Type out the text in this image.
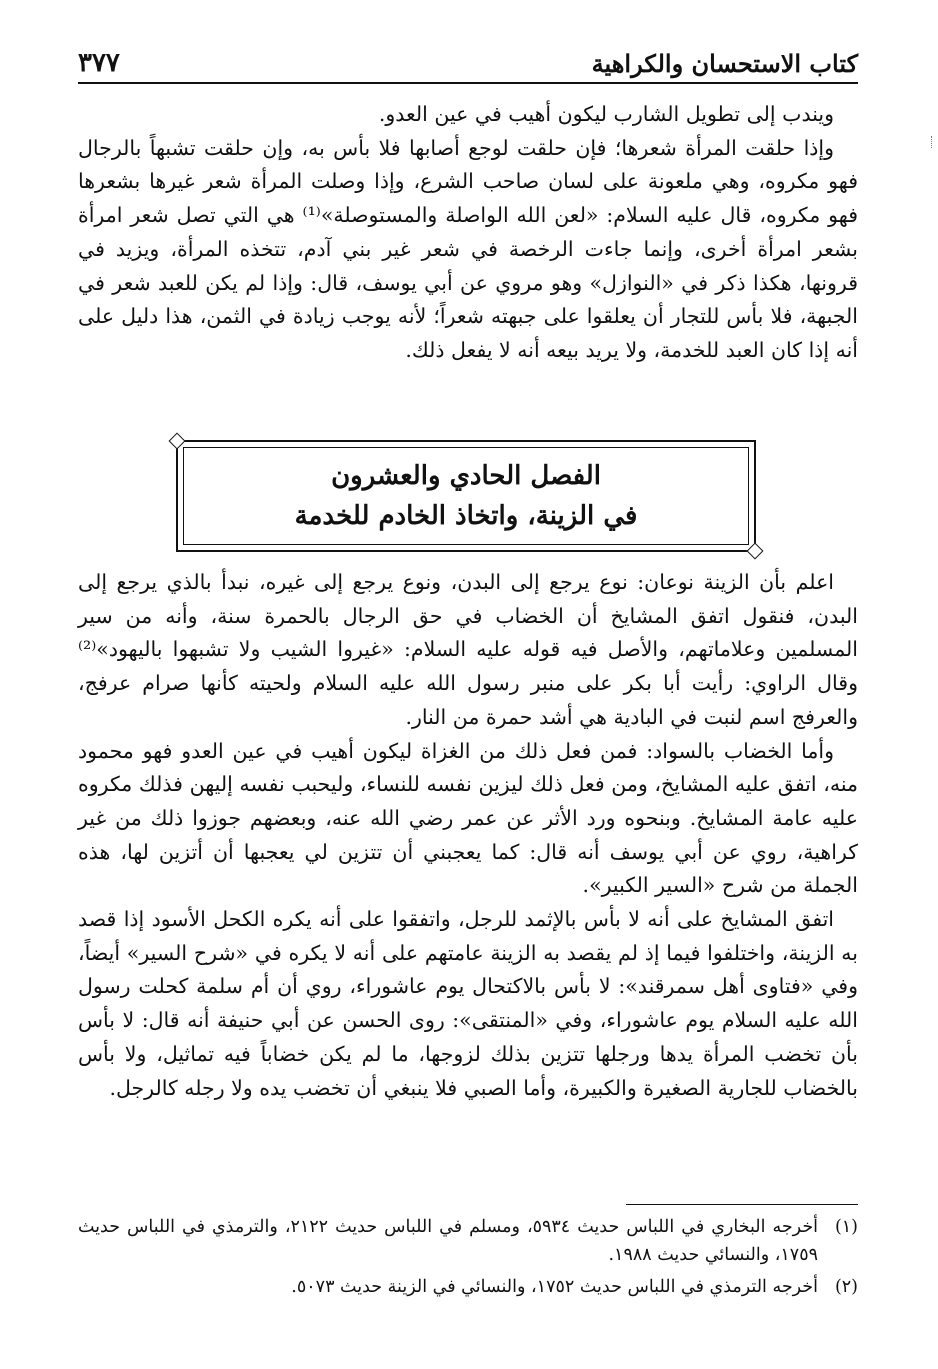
كتاب الاستحسان والكراهية
٣٧٧

ويندب إلى تطويل الشارب ليكون أهيب في عين العدو.

وإذا حلقت المرأة شعرها؛ فإن حلقت لوجع أصابها فلا بأس به، وإن حلقت تشبهاً بالرجال فهو مكروه، وهي ملعونة على لسان صاحب الشرع، وإذا وصلت المرأة شعر غيرها بشعرها فهو مكروه، قال عليه السلام: «لعن الله الواصلة والمستوصلة»⁽¹⁾ هي التي تصل شعر امرأة بشعر امرأة أخرى، وإنما جاءت الرخصة في شعر غير بني آدم، تتخذه المرأة، ويزيد في قرونها، هكذا ذكر في «النوازل» وهو مروي عن أبي يوسف، قال: وإذا لم يكن للعبد شعر في الجبهة، فلا بأس للتجار أن يعلقوا على جبهته شعراً؛ لأنه يوجب زيادة في الثمن، هذا دليل على أنه إذا كان العبد للخدمة، ولا يريد بيعه أنه لا يفعل ذلك.

الفصل الحادي والعشرون
في الزينة، واتخاذ الخادم للخدمة

اعلم بأن الزينة نوعان: نوع يرجع إلى البدن، ونوع يرجع إلى غيره، نبدأ بالذي يرجع إلى البدن، فنقول اتفق المشايخ أن الخضاب في حق الرجال بالحمرة سنة، وأنه من سير المسلمين وعلاماتهم، والأصل فيه قوله عليه السلام: «غيروا الشيب ولا تشبهوا باليهود»⁽²⁾ وقال الراوي: رأيت أبا بكر على منبر رسول الله عليه السلام ولحيته كأنها صرام عرفج، والعرفج اسم لنبت في البادية هي أشد حمرة من النار.

وأما الخضاب بالسواد: فمن فعل ذلك من الغزاة ليكون أهيب في عين العدو فهو محمود منه، اتفق عليه المشايخ، ومن فعل ذلك ليزين نفسه للنساء، وليحبب نفسه إليهن فذلك مكروه عليه عامة المشايخ. وبنحوه ورد الأثر عن عمر رضي الله عنه، وبعضهم جوزوا ذلك من غير كراهية، روي عن أبي يوسف أنه قال: كما يعجبني أن تتزين لي يعجبها أن أتزين لها، هذه الجملة من شرح «السير الكبير».

اتفق المشايخ على أنه لا بأس بالإثمد للرجل، واتفقوا على أنه يكره الكحل الأسود إذا قصد به الزينة، واختلفوا فيما إذ لم يقصد به الزينة عامتهم على أنه لا يكره في «شرح السير» أيضاً، وفي «فتاوى أهل سمرقند»: لا بأس بالاكتحال يوم عاشوراء، روي أن أم سلمة كحلت رسول الله عليه السلام يوم عاشوراء، وفي «المنتقى»: روى الحسن عن أبي حنيفة أنه قال: لا بأس بأن تخضب المرأة يدها ورجلها تتزين بذلك لزوجها، ما لم يكن خضاباً فيه تماثيل، ولا بأس بالخضاب للجارية الصغيرة والكبيرة، وأما الصبي فلا ينبغي أن تخضب يده ولا رجله كالرجل.

(١)
أخرجه البخاري في اللباس حديث ٥٩٣٤، ومسلم في اللباس حديث ٢١٢٢، والترمذي في اللباس حديث ١٧٥٩، والنسائي حديث ١٩٨٨.
(٢)
أخرجه الترمذي في اللباس حديث ١٧٥٢، والنسائي في الزينة حديث ٥٠٧٣.
